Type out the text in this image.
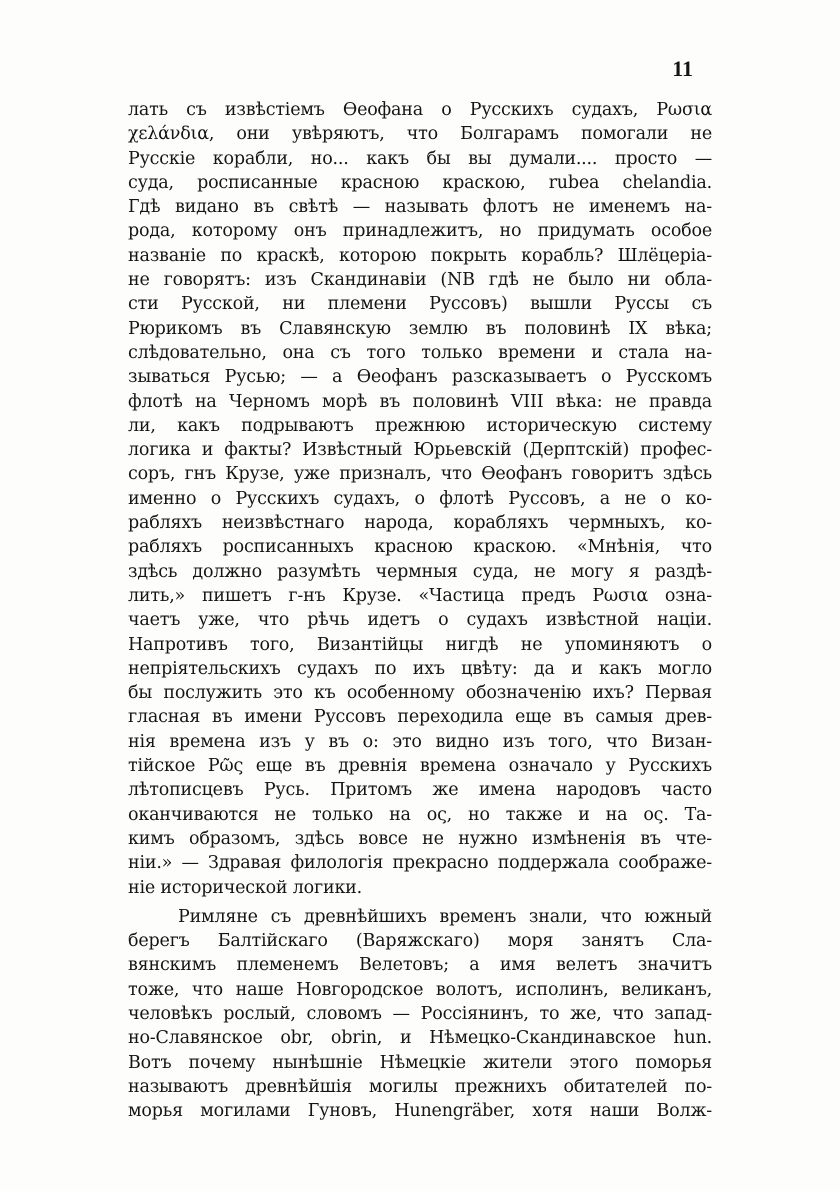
11
лать съ извѣстіемъ Ѳеофана о Русскихъ судахъ, Ρωσια
χελάνδια, они увѣряютъ, что Болгарамъ помогали не
Русскіе корабли, но... какъ бы вы думали.... просто —
суда, росписанные красною краскою, rubea chelandia.
Гдѣ видано въ свѣтѣ — называть флотъ не именемъ на-
рода, которому онъ принадлежитъ, но придумать особое
названіе по краскѣ, которою покрыть корабль? Шлёцеріа-
не говорятъ: изъ Скандинавіи (NB гдѣ не было ни обла-
сти Русской, ни племени Руссовъ) вышли Руссы съ
Рюрикомъ въ Славянскую землю въ половинѣ IX вѣка;
слѣдовательно, она съ того только времени и стала на-
зываться Русью; — а Ѳеофанъ разсказываетъ о Русскомъ
флотѣ на Черномъ морѣ въ половинѣ VIII вѣка: не правда
ли, какъ подрываютъ прежнюю историческую систему
логика и факты? Извѣстный Юрьевскій (Дерптскій) профес-
соръ, гнъ Крузе, уже призналъ, что Ѳеофанъ говоритъ здѣсь
именно о Русскихъ судахъ, о флотѣ Руссовъ, а не о ко-
рабляхъ неизвѣстнаго народа, корабляхъ чермныхъ, ко-
рабляхъ росписанныхъ красною краскою. «Мнѣнія, что
здѣсь должно разумѣть чермныя суда, не могу я раздѣ-
лить,» пишетъ г-нъ Крузе. «Частица предъ Ρωσια озна-
чаетъ уже, что рѣчь идетъ о судахъ извѣстной націи.
Напротивъ того, Византійцы нигдѣ не упоминяютъ о
непріятельскихъ судахъ по ихъ цвѣту: да и какъ могло
бы послужить это къ особенному обозначенію ихъ? Первая
гласная въ имени Руссовъ переходила еще въ самыя древ-
нія времена изъ у въ о: это видно изъ того, что Визан-
тійское Ρῶς еще въ древнія времена означало у Русскихъ
лѣтописцевъ Русь. Притомъ же имена народовъ часто
оканчиваются не только на ος, но также и на ος. Та-
кимъ образомъ, здѣсь вовсе не нужно измѣненія въ чте-
ніи.» — Здравая филологія прекрасно поддержала соображе-
ніе исторической логики.
Римляне съ древнѣйшихъ временъ знали, что южный
берегъ Балтійскаго (Варяжскаго) моря занятъ Сла-
вянскимъ племенемъ Велетовъ; а имя велетъ значитъ
тоже, что наше Новгородское волотъ, исполинъ, великанъ,
человѣкъ рослый, словомъ — Россіянинъ, то же, что запад-
но-Славянское obr, obrin, и Нѣмецко-Скандинавское hun.
Вотъ почему нынѣшніе Нѣмецкіе жители этого поморья
называютъ древнѣйшія могилы прежнихъ обитателей по-
морья могилами Гуновъ, Hunengräber, хотя наши Волж-
